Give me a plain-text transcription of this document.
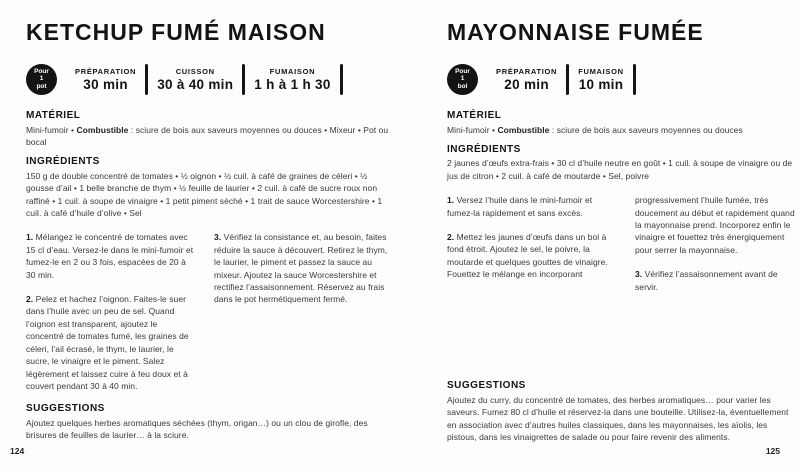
KETCHUP FUMÉ MAISON
Pour
1
pot
PRÉPARATION
30 min
CUISSON
30 à 40 min
FUMAISON
1 h à 1 h 30
MATÉRIEL
Mini-fumoir • Combustible : sciure de bois aux saveurs moyennes ou douces • Mixeur • Pot ou bocal
INGRÉDIENTS
150 g de double concentré de tomates • ½ oignon • ½ cuil. à café de graines de céleri • ½ gousse d’ail • 1 belle branche de thym • ½ feuille de laurier • 2 cuil. à café de sucre roux non raffiné • 1 cuil. à soupe de vinaigre • 1 petit piment séché • 1 trait de sauce Worcestershire • 1 cuil. à café d’huile d’olive • Sel

1. Mélangez le concentré de tomates avec 15 cl d’eau. Versez-le dans le mini-fumoir et fumez-le en 2 ou 3 fois, espacées de 20 à 30 min.

2. Pelez et hachez l’oignon. Faites-le suer dans l’huile avec un peu de sel. Quand l’oignon est transparent, ajoutez le concentré de tomates fumé, les graines de céleri, l’ail écrasé, le thym, le laurier, le sucre, le vinaigre et le piment. Salez légèrement et laissez cuire à feu doux et à couvert pendant 30 à 40 min.

3. Vérifiez la consistance et, au besoin, faites réduire la sauce à découvert. Retirez le thym, le laurier, le piment et passez la sauce au mixeur. Ajoutez la sauce Worcestershire et rectifiez l’assaisonnement. Réservez au frais dans le pot hermétiquement fermé.

SUGGESTIONS
Ajoutez quelques herbes aromatiques séchées (thym, origan…) ou un clou de girofle, des brisures de feuilles de laurier… à la sciure.
MAYONNAISE FUMÉE
Pour
1
bol
PRÉPARATION
20 min
FUMAISON
10 min
MATÉRIEL
Mini-fumoir • Combustible : sciure de bois aux saveurs moyennes ou douces
INGRÉDIENTS
2 jaunes d’œufs extra-frais • 30 cl d’huile neutre en goût • 1 cuil. à soupe de vinaigre ou de jus de citron • 2 cuil. à café de moutarde • Sel, poivre

1. Versez l’huile dans le mini-fumoir et fumez-la rapidement et sans excès.

2. Mettez les jaunes d’œufs dans un bol à fond étroit. Ajoutez le sel, le poivre, la moutarde et quelques gouttes de vinaigre. Fouettez le mélange en incorporant

progressivement l’huile fumée, très doucement au début et rapidement quand la mayonnaise prend. Incorporez enfin le vinaigre et fouettez très énergiquement pour serrer la mayonnaise.

3. Vérifiez l’assaisonnement avant de servir.

SUGGESTIONS
Ajoutez du curry, du concentré de tomates, des herbes aromatiques… pour varier les saveurs. Fumez 80 cl d’huile et réservez-la dans une bouteille. Utilisez-la, éventuellement en association avec d’autres huiles classiques, dans les mayonnaises, les aïolis, les pistous, dans les vinaigrettes de salade ou pour faire revenir des aliments.
124	125
